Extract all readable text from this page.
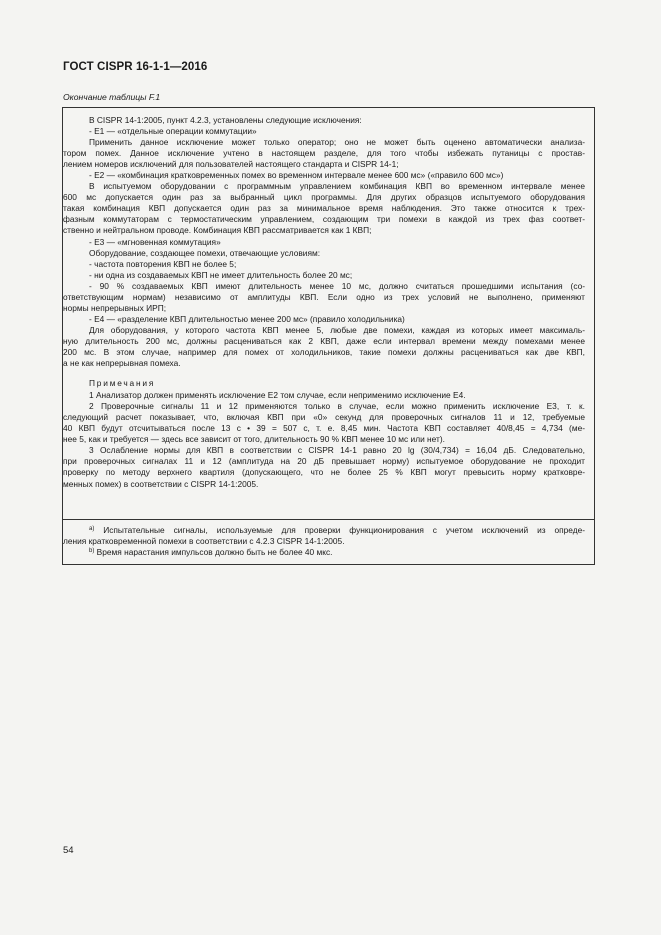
ГОСТ CISPR 16-1-1—2016
Окончание таблицы F.1
В CISPR 14-1:2005, пункт 4.2.3, установлены следующие исключения:
- E1 — «отдельные операции коммутации»
Применить данное исключение может только оператор; оно не может быть оценено автоматически анализа-
тором помех. Данное исключение учтено в настоящем разделе, для того чтобы избежать путаницы с простав-
лением номеров исключений для пользователей настоящего стандарта и CISPR 14-1;
- E2 — «комбинация кратковременных помех во временном интервале менее 600 мс» («правило 600 мс»)
В испытуемом оборудовании с программным управлением комбинация КВП во временном интервале менее
600 мс допускается один раз за выбранный цикл программы. Для других образцов испытуемого оборудования
такая комбинация КВП допускается один раз за минимальное время наблюдения. Это также относится к трех-
фазным коммутаторам с термостатическим управлением, создающим три помехи в каждой из трех фаз соответ-
ственно и нейтральном проводе. Комбинация КВП рассматривается как 1 КВП;
- E3 — «мгновенная коммутация»
Оборудование, создающее помехи, отвечающие условиям:
- частота повторения КВП не более 5;
- ни одна из создаваемых КВП не имеет длительность более 20 мс;
- 90 % создаваемых КВП имеют длительность менее 10 мс, должно считаться прошедшими испытания (со-
ответствующим нормам) независимо от амплитуды КВП. Если одно из трех условий не выполнено, применяют
нормы непрерывных ИРП;
- E4 — «разделение КВП длительностью менее 200 мс» (правило холодильника)
Для оборудования, у которого частота КВП менее 5, любые две помехи, каждая из которых имеет максималь-
ную длительность 200 мс, должны расцениваться как 2 КВП, даже если интервал времени между помехами менее
200 мс. В этом случае, например для помех от холодильников, такие помехи должны расцениваться как две КВП,
а не как непрерывная помеха.
Примечания
1 Анализатор должен применять исключение E2 том случае, если неприменимо исключение E4.
2 Проверочные сигналы 11 и 12 применяются только в случае, если можно применить исключение E3, т. к.
следующий расчет показывает, что, включая КВП при «0» секунд для проверочных сигналов 11 и 12, требуемые
40 КВП будут отсчитываться после 13 с • 39 = 507 с, т. е. 8,45 мин. Частота КВП составляет 40/8,45 = 4,734 (ме-
нее 5, как и требуется — здесь все зависит от того, длительность 90 % КВП менее 10 мс или нет).
3 Ослабление нормы для КВП в соответствии с CISPR 14-1 равно 20 lg (30/4,734) = 16,04 дБ. Следовательно,
при проверочных сигналах 11 и 12 (амплитуда на 20 дБ превышает норму) испытуемое оборудование не проходит
проверку по методу верхнего квартиля (допускающего, что не более 25 % КВП могут превысить норму кратковре-
менных помех) в соответствии с CISPR 14-1:2005.
$^{a)}$ Испытательные сигналы, используемые для проверки функционирования с учетом исключений из опреде-
ления кратковременной помехи в соответствии с 4.2.3 CISPR 14-1:2005.
$^{b)}$ Время нарастания импульсов должно быть не более 40 мкс.
54
